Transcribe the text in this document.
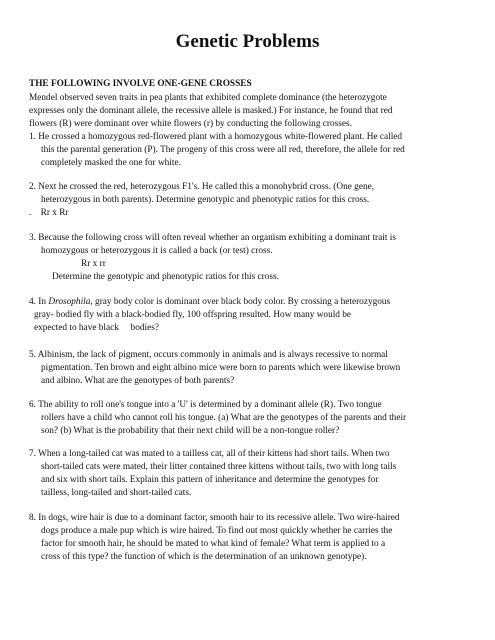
Genetic Problems

THE FOLLOWING INVOLVE ONE-GENE CROSSES

Mendel observed seven traits in pea plants that exhibited complete dominance (the heterozygote
expresses only the dominant allele, the recessive allele is masked.) For instance, he found that red
flowers (R) were dominant over white flowers (r) by conducting the following crosses.
1. He crossed a homozygous red-flowered plant with a homozygous white-flowered plant. He called
this the parental generation (P). The progeny of this cross were all red, therefore, the allele for red
completely masked the one for white.
2. Next he crossed the red, heterozygous F1's. He called this a monohybrid cross. (One gene,
heterozygous in both parents). Determine genotypic and phenotypic ratios for this cross.
. Rr x Rr
3. Because the following cross will often reveal whether an organism exhibiting a dominant trait is
homozygous or heterozygous it is called a back (or test) cross.
Rr x rr
Determine the genotypic and phenotypic ratios for this cross.
4. In Drosophila, gray body color is dominant over black body color. By crossing a heterozygous
gray- bodied fly with a black-bodied fly, 100 offspring resulted. How many would be
expected to have black  bodies?
5. Albinism, the lack of pigment, occurs commonly in animals and is always recessive to normal
pigmentation. Ten brown and eight albino mice were born to parents which were likewise brown
and albino. What are the genotypes of both parents?
6. The ability to roll one's tongue into a 'U' is determined by a dominant allele (R). Two tongue
rollers have a child who cannot roll his tongue. (a) What are the genotypes of the parents and their
son? (b) What is the probability that their next child will be a non-tongue roller?
7. When a long-tailed cat was mated to a tailless cat, all of their kittens had short tails. When two
short-tailed cats were mated, their litter contained three kittens without tails, two with long tails
and six with short tails. Explain this pattern of inheritance and determine the genotypes for
tailless, long-tailed and short-tailed cats.
8. In dogs, wire hair is due to a dominant factor, smooth hair to its recessive allele. Two wire-haired
dogs produce a male pup which is wire haired. To find out most quickly whether he carries the
factor for smooth hair, he should be mated to what kind of female? What term is applied to a
cross of this type? the function of which is the determination of an unknown genotype).
